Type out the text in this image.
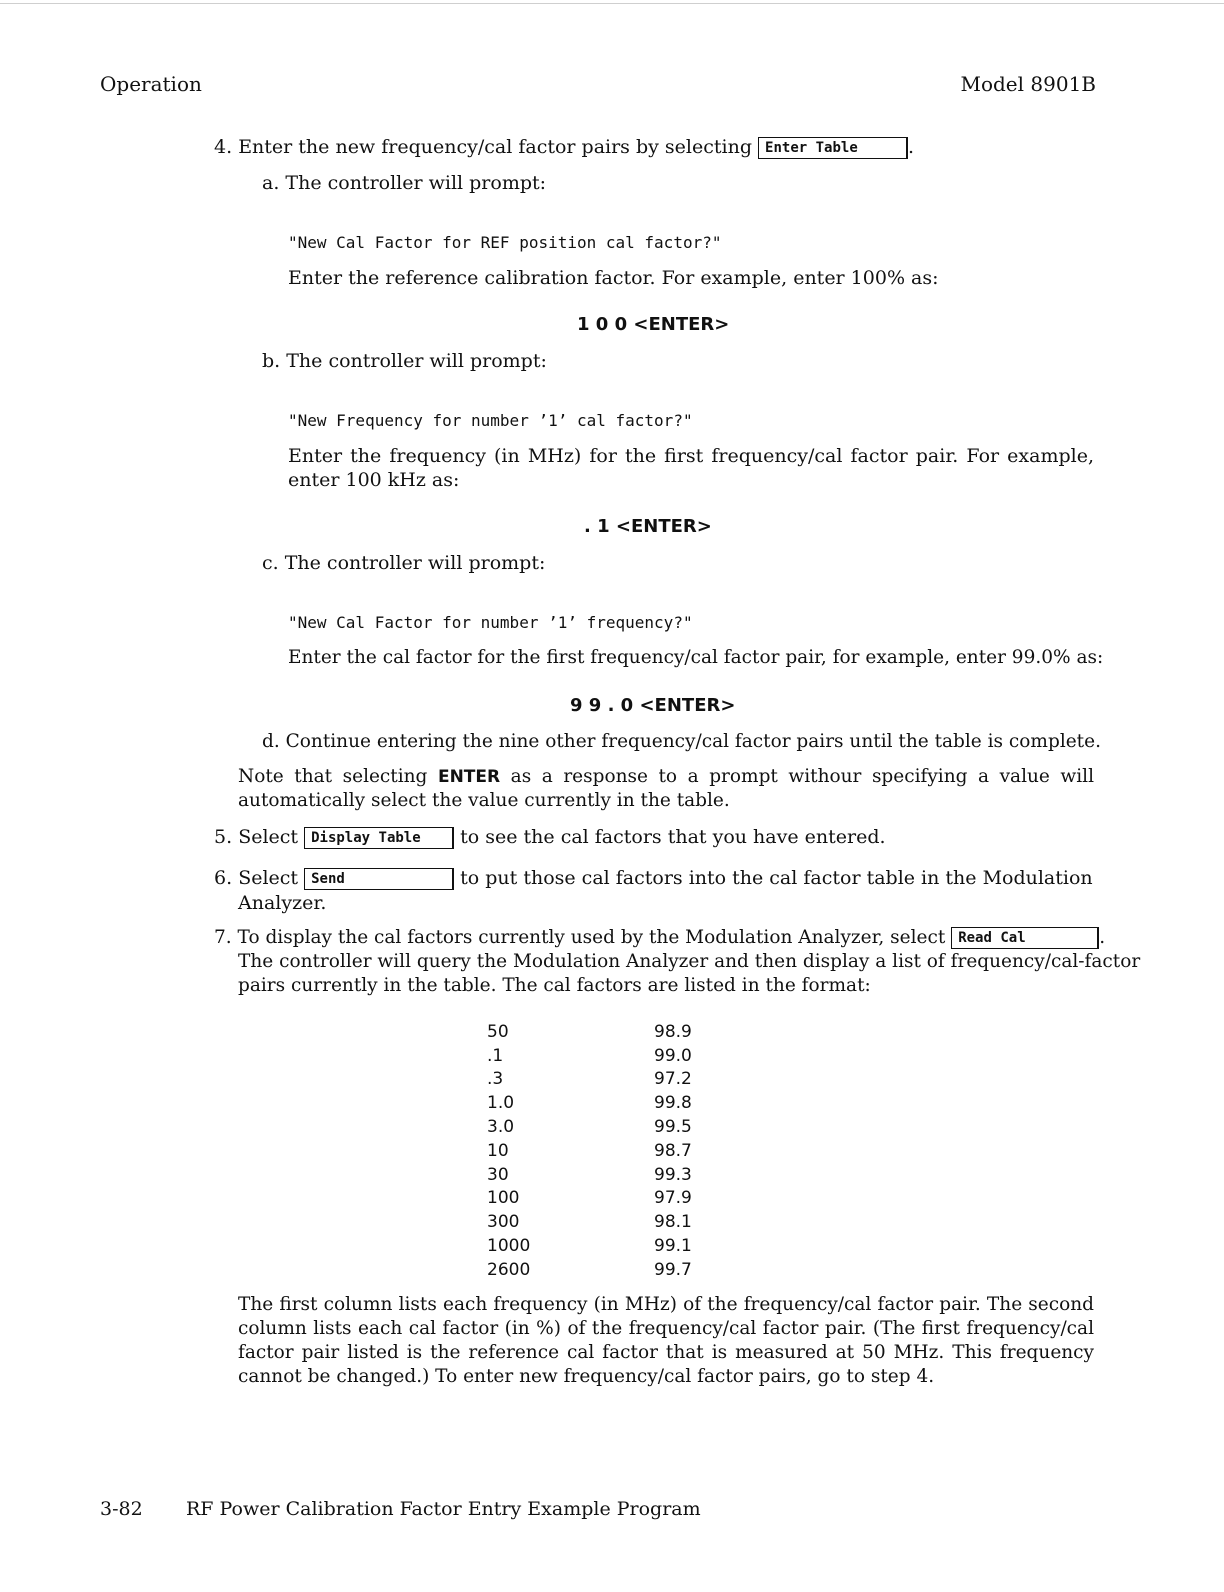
Operation	Model 8901B
4. Enter the new frequency/cal factor pairs by selecting Enter Table	.
a. The controller will prompt:
"New Cal Factor for REF position cal factor?"
Enter the reference calibration factor. For example, enter 100% as:
1 0 0 <ENTER>
b. The controller will prompt:
"New Frequency for number ’1’ cal factor?"
Enter the frequency (in MHz) for the first frequency/cal factor pair. For example, enter 100 kHz as:
. 1 <ENTER>
c. The controller will prompt:
"New Cal Factor for number ’1’ frequency?"
Enter the cal factor for the first frequency/cal factor pair, for example, enter 99.0% as:
9 9 . 0 <ENTER>
d. Continue entering the nine other frequency/cal factor pairs until the table is complete.
Note that selecting ENTER as a response to a prompt withour specifying a value will automatically select the value currently in the table.
5. Select Display Table to see the cal factors that you have entered.
6. Select Send	to put those cal factors into the cal factor table in the Modulation
Analyzer.
7. To display the cal factors currently used by the Modulation Analyzer, select Read Cal	.
The controller will query the Modulation Analyzer and then display a list of frequency/cal-factor
pairs currently in the table. The cal factors are listed in the format:
50	98.9
.1	99.0
.3	97.2
1.0	99.8
3.0	99.5
10	98.7
30	99.3
100	97.9
300	98.1
1000	99.1
2600	99.7
The first column lists each frequency (in MHz) of the frequency/cal factor pair. The second column lists each cal factor (in %) of the frequency/cal factor pair. (The first frequency/cal factor pair listed is the reference cal factor that is measured at 50 MHz. This frequency cannot be changed.) To enter new frequency/cal factor pairs, go to step 4.
3-82 RF Power Calibration Factor Entry Example Program
